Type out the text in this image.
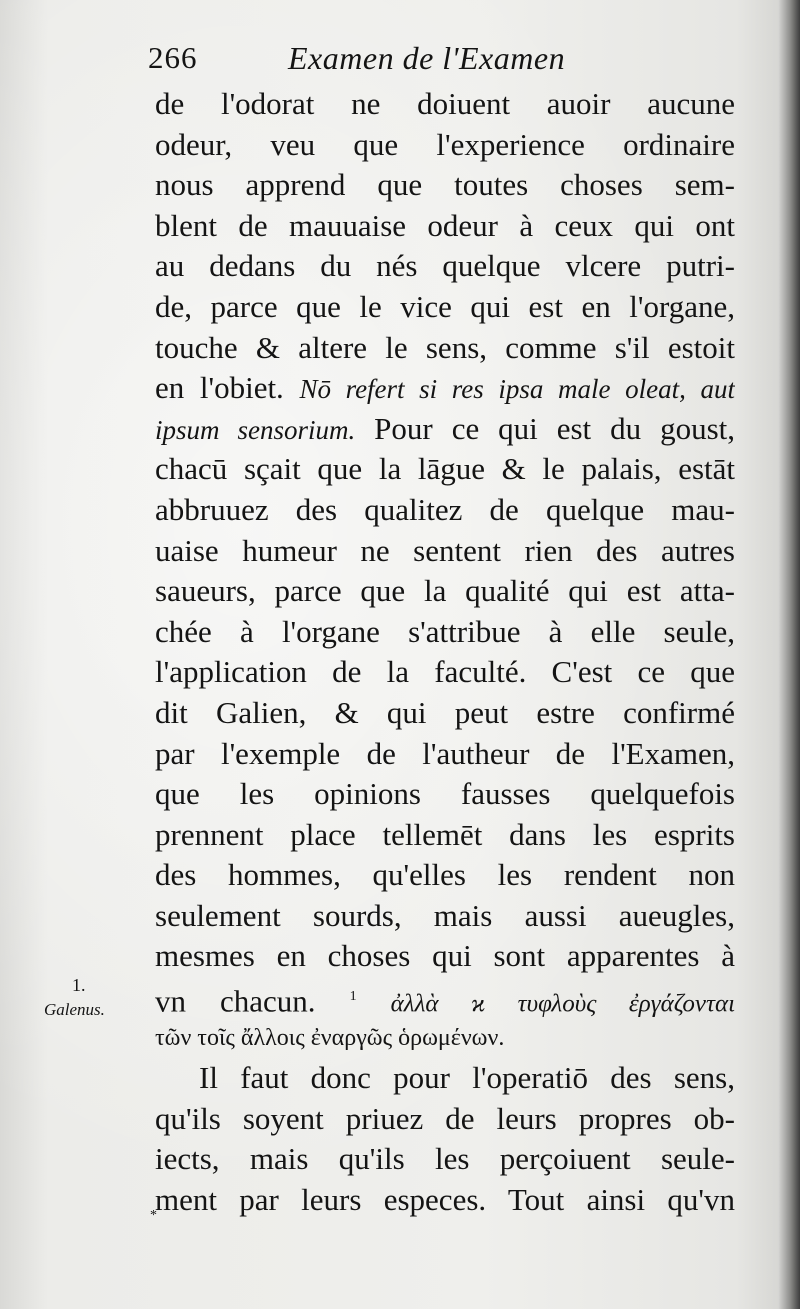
266	Examen de l'Examen
de l'odorat ne doiuent auoir aucune
odeur, veu que l'experience ordinaire
nous apprend que toutes choses sem-
blent de mauuaise odeur à ceux qui ont
au dedans du nés quelque vlcere putri-
de, parce que le vice qui est en l'organe,
touche & altere le sens, comme s'il estoit
en l'obiet. Nō refert si res ipsa male oleat, aut
ipsum sensorium. Pour ce qui est du goust,
chacū sçait que la lāgue & le palais, estāt
abbruuez des qualitez de quelque mau-
uaise humeur ne sentent rien des autres
saueurs, parce que la qualité qui est atta-
chée à l'organe s'attribue à elle seule,
l'application de la faculté. C'est ce que
dit Galien, & qui peut estre confirmé
par l'exemple de l'autheur de l'Examen,
que les opinions fausses quelquefois
prennent place tellemēt dans les esprits
des hommes, qu'elles les rendent non
seulement sourds, mais aussi aueugles,
mesmes en choses qui sont apparentes à
vn chacun. $^1$ ἀλλὰ ϰ τυφλοὺς ἐργάζονται
τῶν τοῖς ἄλλοις ἐναργῶς ὁρωμένων.
Il faut donc pour l'operatiō des sens,
qu'ils soyent priuez de leurs propres ob-
iects, mais qu'ils les perçoiuent seule-
ment par leurs especes. Tout ainsi qu'vn
1.
Galenus.
*
